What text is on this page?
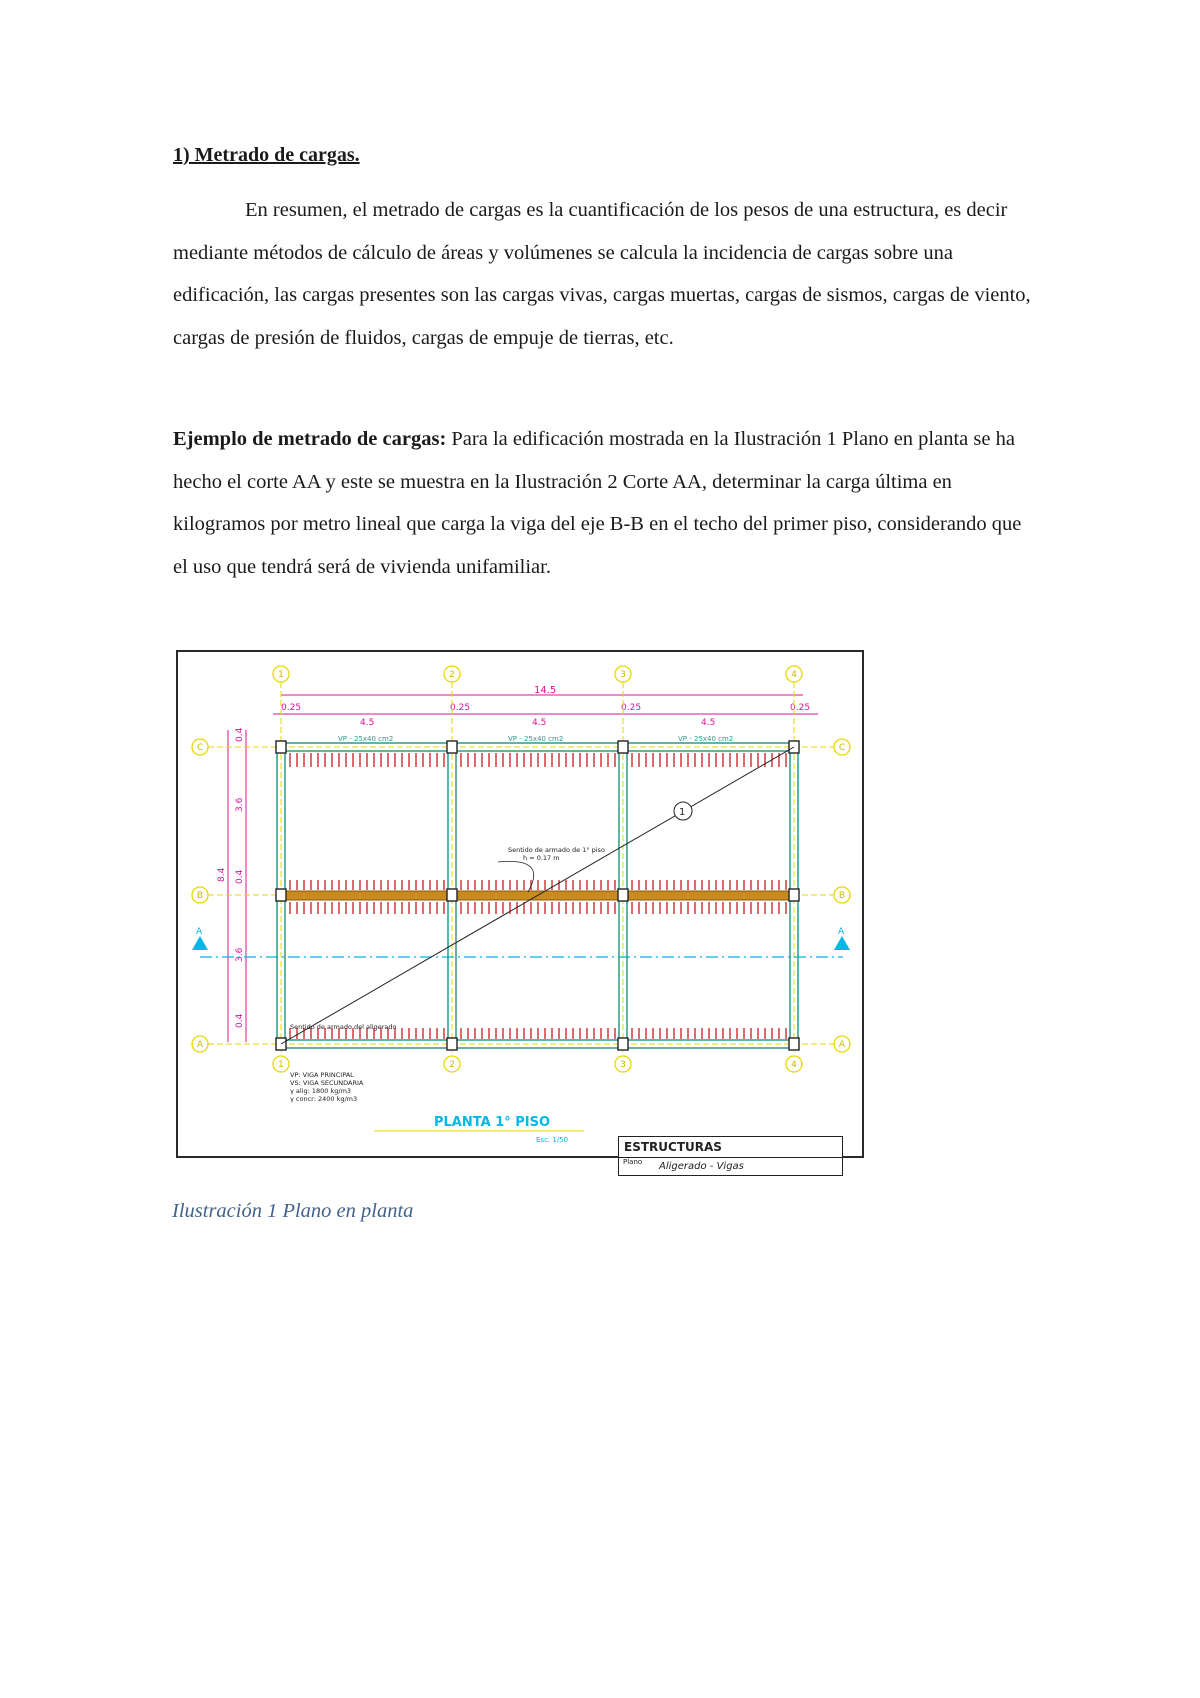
1) Metrado de cargas.
En resumen, el metrado de cargas es la cuantificación de los pesos de una estructura, es decir mediante métodos de cálculo de áreas y volúmenes se calcula la incidencia de cargas sobre una edificación, las cargas presentes son las cargas vivas, cargas muertas, cargas de sismos, cargas de viento, cargas de presión de fluidos, cargas de empuje de tierras, etc.
Ejemplo de metrado de cargas: Para la edificación mostrada en la Ilustración 1 Plano en planta se ha hecho el corte AA y este se muestra en la Ilustración 2 Corte AA, determinar la carga última en kilogramos por metro lineal que carga la viga del eje B-B en el techo del primer piso, considerando que el uso que tendrá será de vivienda unifamiliar.
14.5
0.25	0.25	0.25	0.25
4.5	4.5	4.5
3.6
3.6
8.4
0.4
0.4
0.4
VP - 25x40 cm2	VP - 25x40 cm2	VP - 25x40 cm2
1
Sentido de armado de 1° piso
h = 0.17 m
Sentido de armado del aligerado
1	2	3	4
1	2	3	4
C
B
A
C
B
A
A	A
VP: VIGA PRINCIPAL
VS: VIGA SECUNDARIA
γ alig: 1800 kg/m3
γ concr: 2400 kg/m3
PLANTA 1° PISO
Esc. 1/50	ESTRUCTURAS
Plano Aligerado - Vigas
Ilustración 1 Plano en planta
